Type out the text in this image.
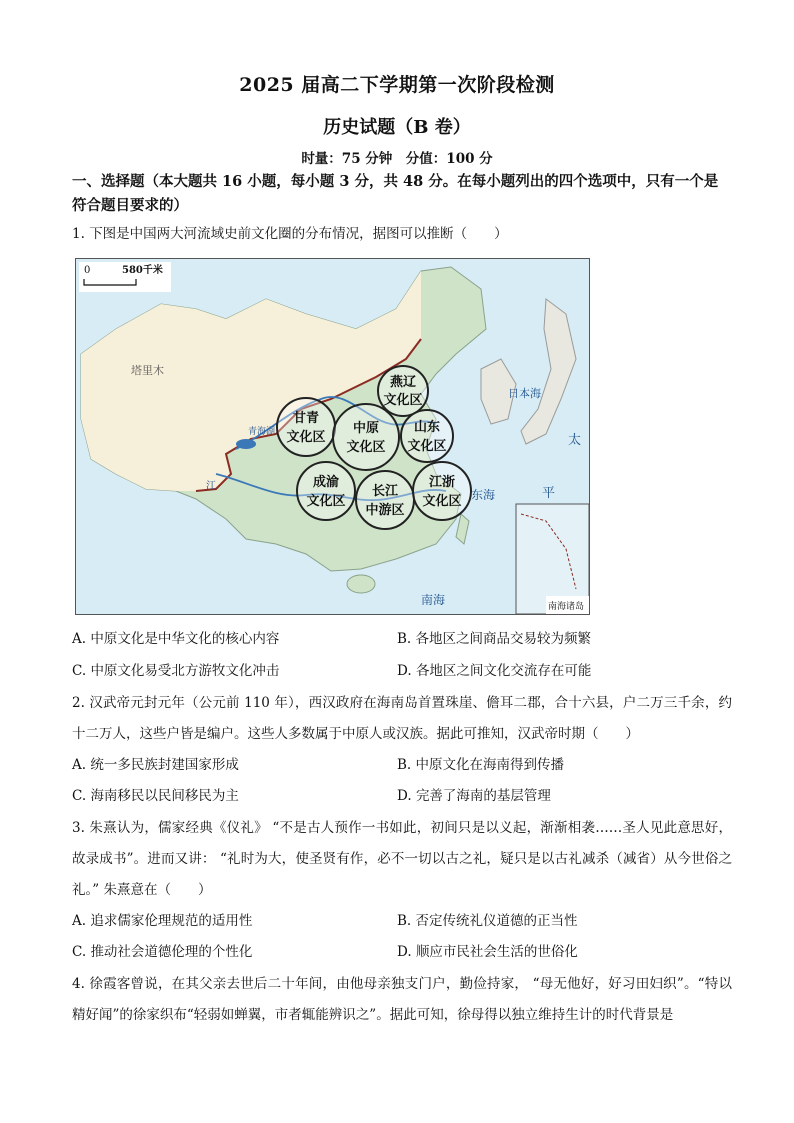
2025 届高二下学期第一次阶段检测
历史试题（B 卷）
时量：75 分钟　分值：100 分
一、选择题（本大题共 16 小题，每小题 3 分，共 48 分。在每小题列出的四个选项中，只有一个是符合题目要求的）
1. 下图是中国两大河流域史前文化圈的分布情况，据图可以推断（　　）
青海湖
塔里木
日本海
东海
南海
太
平
江
0	580千米
南海诸岛
燕辽
文化区
甘青
文化区
中原
文化区
山东
文化区
成渝
文化区
长江
中游区
江浙
文化区
A. 中原文化是中华文化的核心内容	B. 各地区之间商品交易较为频繁
C. 中原文化易受北方游牧文化冲击	D. 各地区之间文化交流存在可能
2. 汉武帝元封元年（公元前 110 年），西汉政府在海南岛首置珠崖、儋耳二郡，合十六县，户二万三千余，约十二万人，这些户皆是编户。这些人多数属于中原人或汉族。据此可推知，汉武帝时期（　　）
A. 统一多民族封建国家形成	B. 中原文化在海南得到传播
C. 海南移民以民间移民为主	D. 完善了海南的基层管理
3. 朱熹认为，儒家经典《仪礼》 “不是古人预作一书如此，初间只是以义起，渐渐相袭……圣人见此意思好，故录成书”。进而又讲： “礼时为大，使圣贤有作，必不一切以古之礼，疑只是以古礼减杀（减省）从今世俗之礼。” 朱熹意在（　　）
A. 追求儒家伦理规范的适用性	B. 否定传统礼仪道德的正当性
C. 推动社会道德伦理的个性化	D. 顺应市民社会生活的世俗化
4. 徐霞客曾说，在其父亲去世后二十年间，由他母亲独支门户，勤俭持家， “母无他好，好习田妇织”。“特以精好闻”的徐家织布“轻弱如蝉翼，市者辄能辨识之”。据此可知，徐母得以独立维持生计的时代背景是
